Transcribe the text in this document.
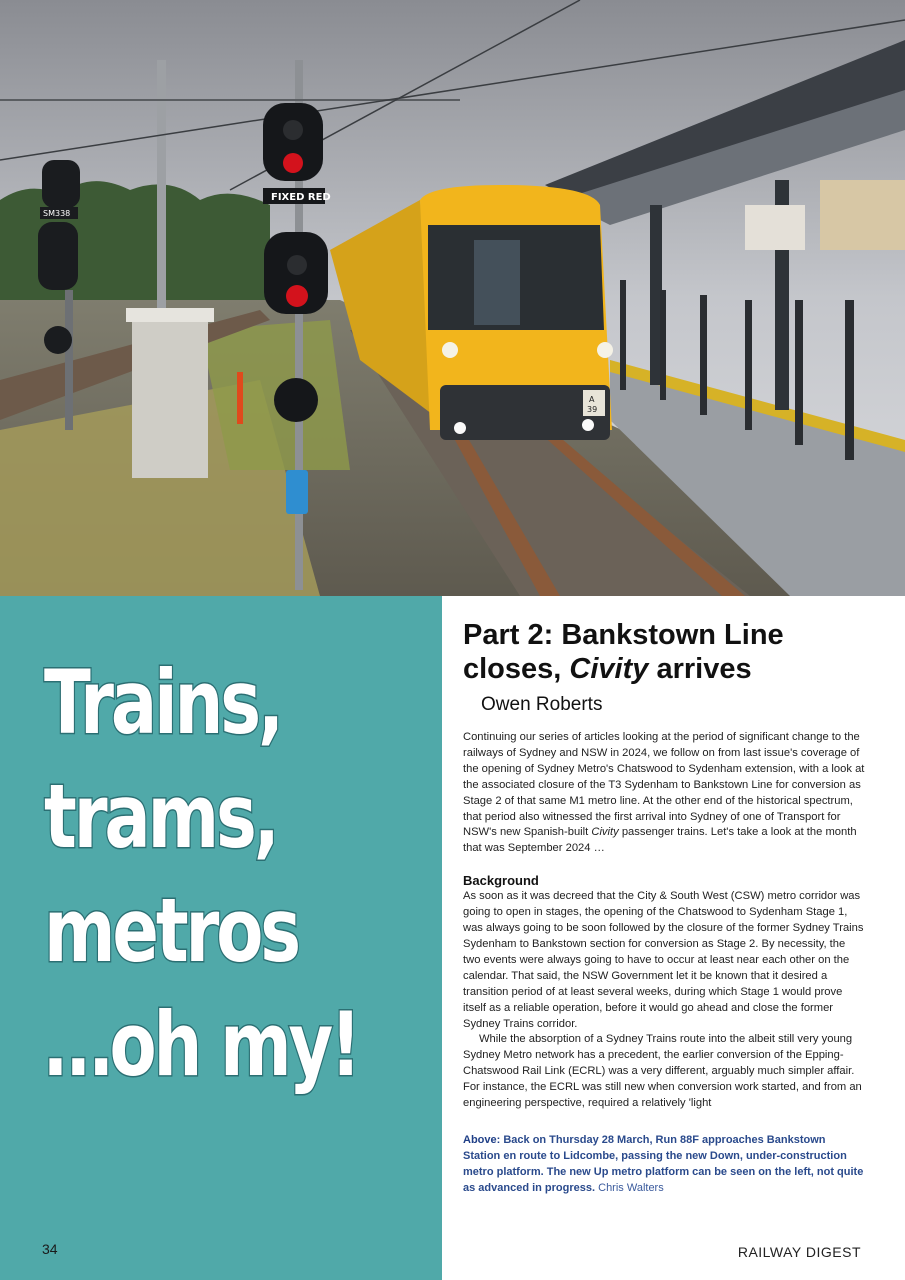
A
39
SM338
FIXED RED
Trains,
trams,
metros
…oh my!
34
Part 2: Bankstown Line closes, Civity arrives
Owen Roberts

Continuing our series of articles looking at the period of significant change to the railways of Sydney and NSW in 2024, we follow on from last issue's coverage of the opening of Sydney Metro's Chatswood to Sydenham extension, with a look at the associated closure of the T3 Sydenham to Bankstown Line for conversion as Stage 2 of that same M1 metro line. At the other end of the historical spectrum, that period also witnessed the first arrival into Sydney of one of Transport for NSW's new Spanish-built Civity passenger trains. Let's take a look at the month that was September 2024 …

Background

As soon as it was decreed that the City & South West (CSW) metro corridor was going to open in stages, the opening of the Chatswood to Sydenham Stage 1, was always going to be soon followed by the closure of the former Sydney Trains Sydenham to Bankstown section for conversion as Stage 2. By necessity, the two events were always going to have to occur at least near each other on the calendar. That said, the NSW Government let it be known that it desired a transition period of at least several weeks, during which Stage 1 would prove itself as a reliable operation, before it would go ahead and close the former Sydney Trains corridor.

While the absorption of a Sydney Trains route into the albeit still very young Sydney Metro network has a precedent, the earlier conversion of the Epping-Chatswood Rail Link (ECRL) was a very different, arguably much simpler affair. For instance, the ECRL was still new when conversion work started, and from an engineering perspective, required a relatively 'light

Above: Back on Thursday 28 March, Run 88F approaches Bankstown Station en route to Lidcombe, passing the new Down, under-construction metro platform. The new Up metro platform can be seen on the left, not quite as advanced in progress. Chris Walters

RAILWAY DIGEST
